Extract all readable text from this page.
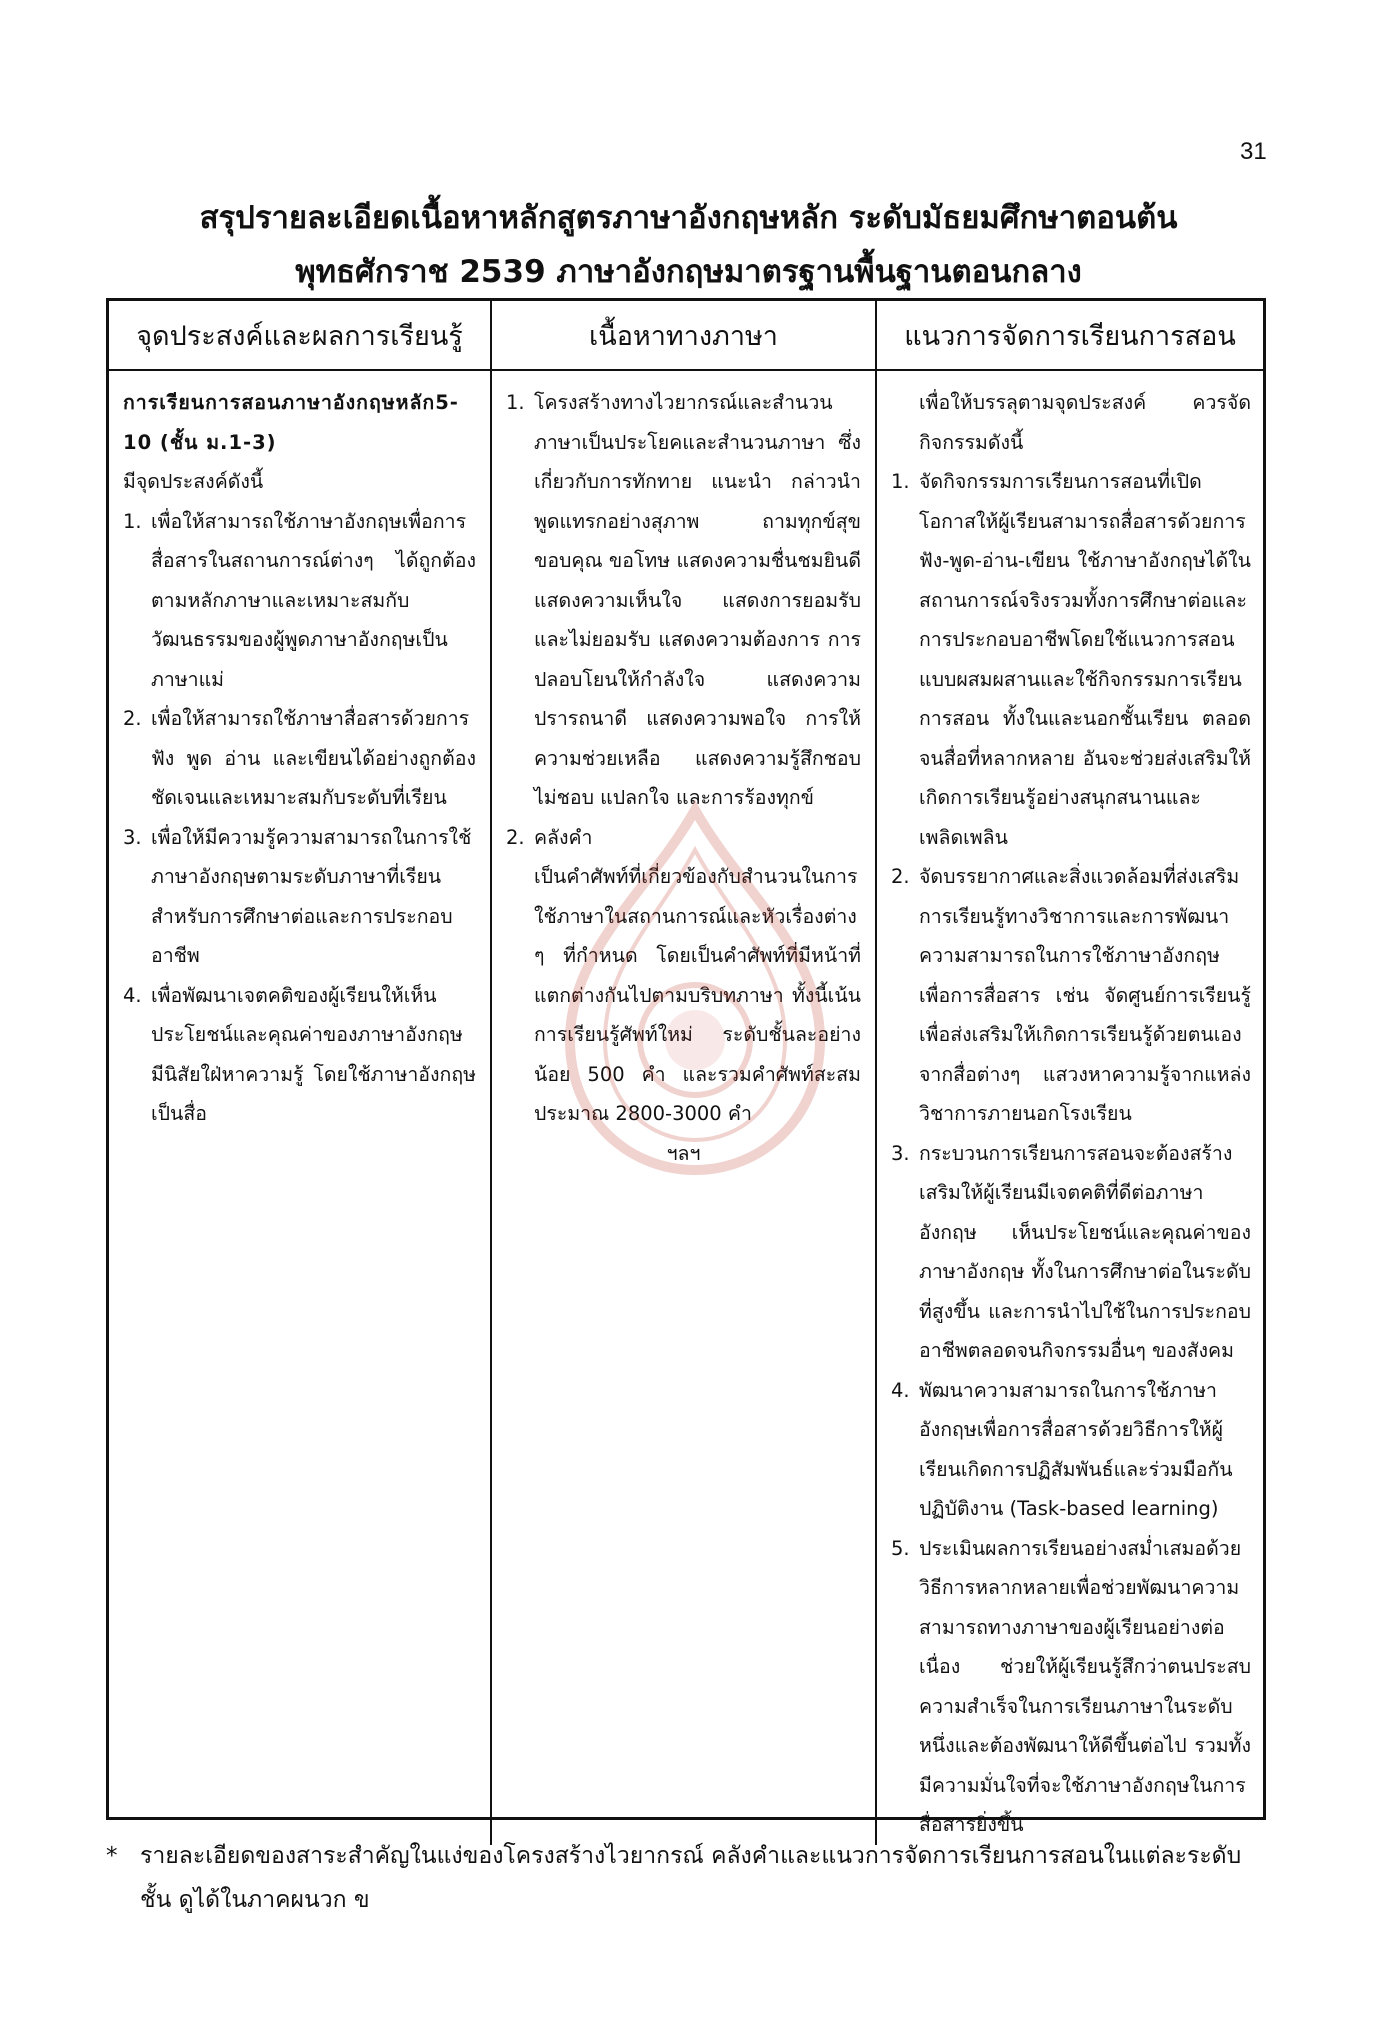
31
สรุปรายละเอียดเนื้อหาหลักสูตรภาษาอังกฤษหลัก ระดับมัธยมศึกษาตอนต้น
พุทธศักราช 2539 ภาษาอังกฤษมาตรฐานพื้นฐานตอนกลาง
จุดประสงค์และผลการเรียนรู้	เนื้อหาทางภาษา	แนวการจัดการเรียนการสอน
การเรียนการสอนภาษาอังกฤษหลัก5-10 (ชั้น ม.1-3)
มีจุดประสงค์ดังนี้
1. เพื่อให้สามารถใช้ภาษาอังกฤษเพื่อการสื่อสารในสถานการณ์ต่างๆ ได้ถูกต้องตามหลักภาษาและเหมาะสมกับวัฒนธรรมของผู้พูดภาษาอังกฤษเป็นภาษาแม่
2. เพื่อให้สามารถใช้ภาษาสื่อสารด้วยการฟัง พูด อ่าน และเขียนได้อย่างถูกต้องชัดเจนและเหมาะสมกับระดับที่เรียน
3. เพื่อให้มีความรู้ความสามารถในการใช้ภาษาอังกฤษตามระดับภาษาที่เรียนสำหรับการศึกษาต่อและการประกอบอาชีพ
4. เพื่อพัฒนาเจตคติของผู้เรียนให้เห็นประโยชน์และคุณค่าของภาษาอังกฤษ มีนิสัยใฝ่หาความรู้ โดยใช้ภาษาอังกฤษเป็นสื่อ
1. โครงสร้างทางไวยากรณ์และสำนวนภาษาเป็นประโยคและสำนวนภาษา ซึ่งเกี่ยวกับการทักทาย แนะนำ กล่าวนำ พูดแทรกอย่างสุภาพ ถามทุกข์สุข ขอบคุณ ขอโทษ แสดงความชื่นชมยินดี แสดงความเห็นใจ แสดงการยอมรับและไม่ยอมรับ แสดงความต้องการ การปลอบโยนให้กำลังใจ แสดงความปรารถนาดี แสดงความพอใจ การให้ความช่วยเหลือ แสดงความรู้สึกชอบ ไม่ชอบ แปลกใจ และการร้องทุกข์
2. คลังคำ
เป็นคำศัพท์ที่เกี่ยวข้องกับสำนวนในการใช้ภาษาในสถานการณ์และหัวเรื่องต่าง ๆ ที่กำหนด โดยเป็นคำศัพท์ที่มีหน้าที่แตกต่างกันไปตามบริบทภาษา ทั้งนี้เน้นการเรียนรู้ศัพท์ใหม่ ระดับชั้นละอย่างน้อย 500 คำ และรวมคำศัพท์สะสมประมาณ 2800-3000 คำ
ฯลฯ
เพื่อให้บรรลุตามจุดประสงค์ ควรจัดกิจกรรมดังนี้
1. จัดกิจกรรมการเรียนการสอนที่เปิดโอกาสให้ผู้เรียนสามารถสื่อสารด้วยการฟัง-พูด-อ่าน-เขียน ใช้ภาษาอังกฤษได้ในสถานการณ์จริงรวมทั้งการศึกษาต่อและการประกอบอาชีพโดยใช้แนวการสอนแบบผสมผสานและใช้กิจกรรมการเรียนการสอน ทั้งในและนอกชั้นเรียน ตลอดจนสื่อที่หลากหลาย อันจะช่วยส่งเสริมให้เกิดการเรียนรู้อย่างสนุกสนานและเพลิดเพลิน
2. จัดบรรยากาศและสิ่งแวดล้อมที่ส่งเสริมการเรียนรู้ทางวิชาการและการพัฒนาความสามารถในการใช้ภาษาอังกฤษเพื่อการสื่อสาร เช่น จัดศูนย์การเรียนรู้เพื่อส่งเสริมให้เกิดการเรียนรู้ด้วยตนเองจากสื่อต่างๆ แสวงหาความรู้จากแหล่งวิชาการภายนอกโรงเรียน
3. กระบวนการเรียนการสอนจะต้องสร้างเสริมให้ผู้เรียนมีเจตคติที่ดีต่อภาษาอังกฤษ เห็นประโยชน์และคุณค่าของภาษาอังกฤษ ทั้งในการศึกษาต่อในระดับที่สูงขึ้น และการนำไปใช้ในการประกอบอาชีพตลอดจนกิจกรรมอื่นๆ ของสังคม
4. พัฒนาความสามารถในการใช้ภาษาอังกฤษเพื่อการสื่อสารด้วยวิธีการให้ผู้เรียนเกิดการปฏิสัมพันธ์และร่วมมือกันปฏิบัติงาน (Task-based learning)
5. ประเมินผลการเรียนอย่างสม่ำเสมอด้วยวิธีการหลากหลายเพื่อช่วยพัฒนาความสามารถทางภาษาของผู้เรียนอย่างต่อเนื่อง ช่วยให้ผู้เรียนรู้สึกว่าตนประสบความสำเร็จในการเรียนภาษาในระดับหนึ่งและต้องพัฒนาให้ดีขึ้นต่อไป รวมทั้งมีความมั่นใจที่จะใช้ภาษาอังกฤษในการสื่อสารยิ่งขึ้น
* รายละเอียดของสาระสำคัญในแง่ของโครงสร้างไวยากรณ์ คลังคำและแนวการจัดการเรียนการสอนในแต่ละระดับชั้น ดูได้ในภาคผนวก ข
